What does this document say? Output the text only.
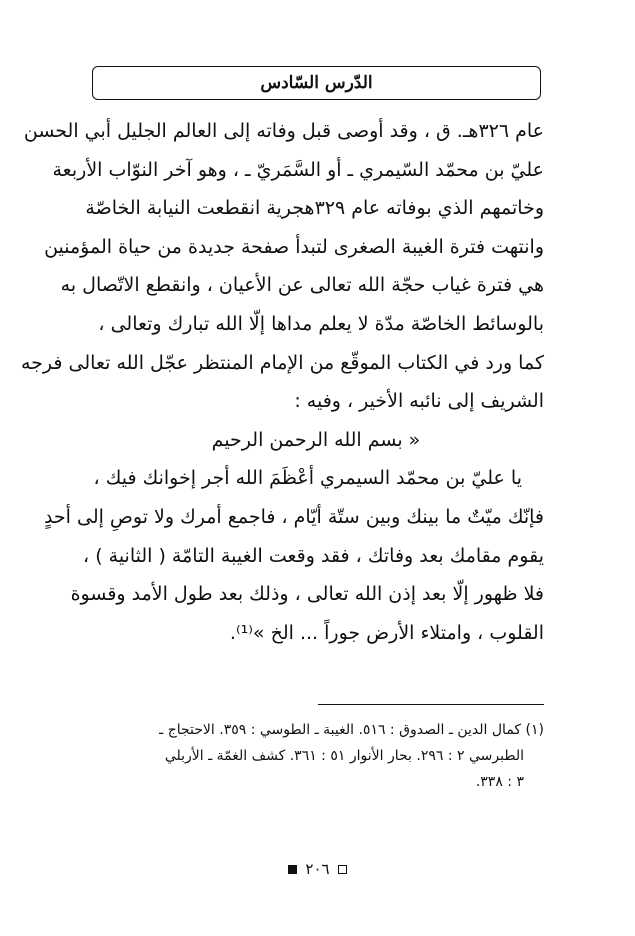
الدّرس السّادس
عام ٣٢٦هـ. ق ، وقد أوصى قبل وفاته إلى العالم الجليل أبي الحسن
عليّ بن محمّد السّيمري ـ أو السَّمَريّ ـ ، وهو آخر النوّاب الأربعة
وخاتمهم الذي بوفاته عام ٣٢٩هجرية انقطعت النيابة الخاصّة
وانتهت فترة الغيبة الصغرى لتبدأ صفحة جديدة من حياة المؤمنين
هي فترة غياب حجّة الله تعالى عن الأعيان ، وانقطع الاتّصال به
بالوسائط الخاصّة مدّة لا يعلم مداها إلّا الله تبارك وتعالى ،
كما ورد في الكتاب الموقّع من الإمام المنتظر عجّل الله تعالى فرجه
الشريف إلى نائبه الأخير ، وفيه :
« بسم الله الرحمن الرحيم
يا عليّ بن محمّد السيمري أعْظَمَ الله أجر إخوانك فيك ،
فإنّك ميّتٌ ما بينك وبين ستّة أيّام ، فاجمع أمرك ولا توصِ إلى أحدٍ
يقوم مقامك بعد وفاتك ، فقد وقعت الغيبة التامّة ( الثانية ) ،
فلا ظهور إلّا بعد إذن الله تعالى ، وذلك بعد طول الأمد وقسوة
القلوب ، وامتلاء الأرض جوراً ... الخ »⁽¹⁾.
(١) كمال الدين ـ الصدوق : ٥١٦. الغيبة ـ الطوسي : ٣٥٩. الاحتجاج ـ
الطبرسي ٢ : ٢٩٦. بحار الأنوار ٥١ : ٣٦١. كشف الغمّة ـ الأربلي
٣ : ٣٣٨.
٢٠٦
